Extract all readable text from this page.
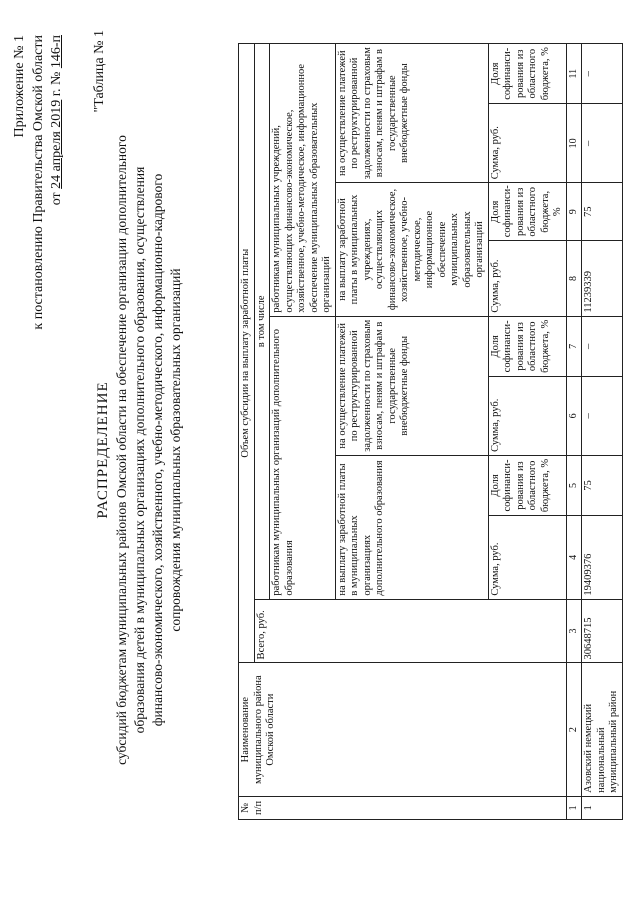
Приложение № 1 к постановлению Правительства Омской области от 24 апреля 2019 г. № 146-п "Таблица № 1
РАСПРЕДЕЛЕНИЕ субсидий бюджетам муниципальных районов Омской области на обеспечение организации дополнительного образования детей в муниципальных организациях дополнительного образования, осуществления финансово-экономического, хозяйственного, учебно-методического, информационно-кадрового сопровождения муниципальных образовательных организаций
№ п/п	Наименование муниципального района Омской области	Объем субсидии на выплату заработной платы								
		Всего, руб.	в том числе							
			работникам муниципальных организаций дополнительного образования				работникам муниципальных учреждений, осуществляющих финансово-экономическое, хозяйственное, учебно-методическое, информационное обеспечение муниципальных образовательных организаций			
			на выплату заработной платы в муниципальных организациях дополнительного образования		на осуществление платежей по реструктурированной задолженности по страховым взносам, пеням и штрафам в государственные внебюджетные фонды		на выплату заработной платы в муниципальных учреждениях, осуществляющих финансово-экономическое, хозяйственное, учебно-методическое, информационное обеспечение муниципальных образовательных организаций		на осуществление платежей по реструктурированной задолженности по страховым взносам, пеням и штрафам в государственные внебюджетные фонды	
			Сумма, руб.	Доля софинанси-рования из областного бюджета, %	Сумма, руб.	Доля софинанси-рования из областного бюджета, %	Сумма, руб.	Доля софинанси-рования из областного бюджета, %	Сумма, руб.	Доля софинанси-рования из областного бюджета, %
1	2	3	4	5	6	7	8	9	10	11
1	Азовский немецкий национальный муниципальный район	30648715	19409376	75	–	–	11239339	75	–	–
